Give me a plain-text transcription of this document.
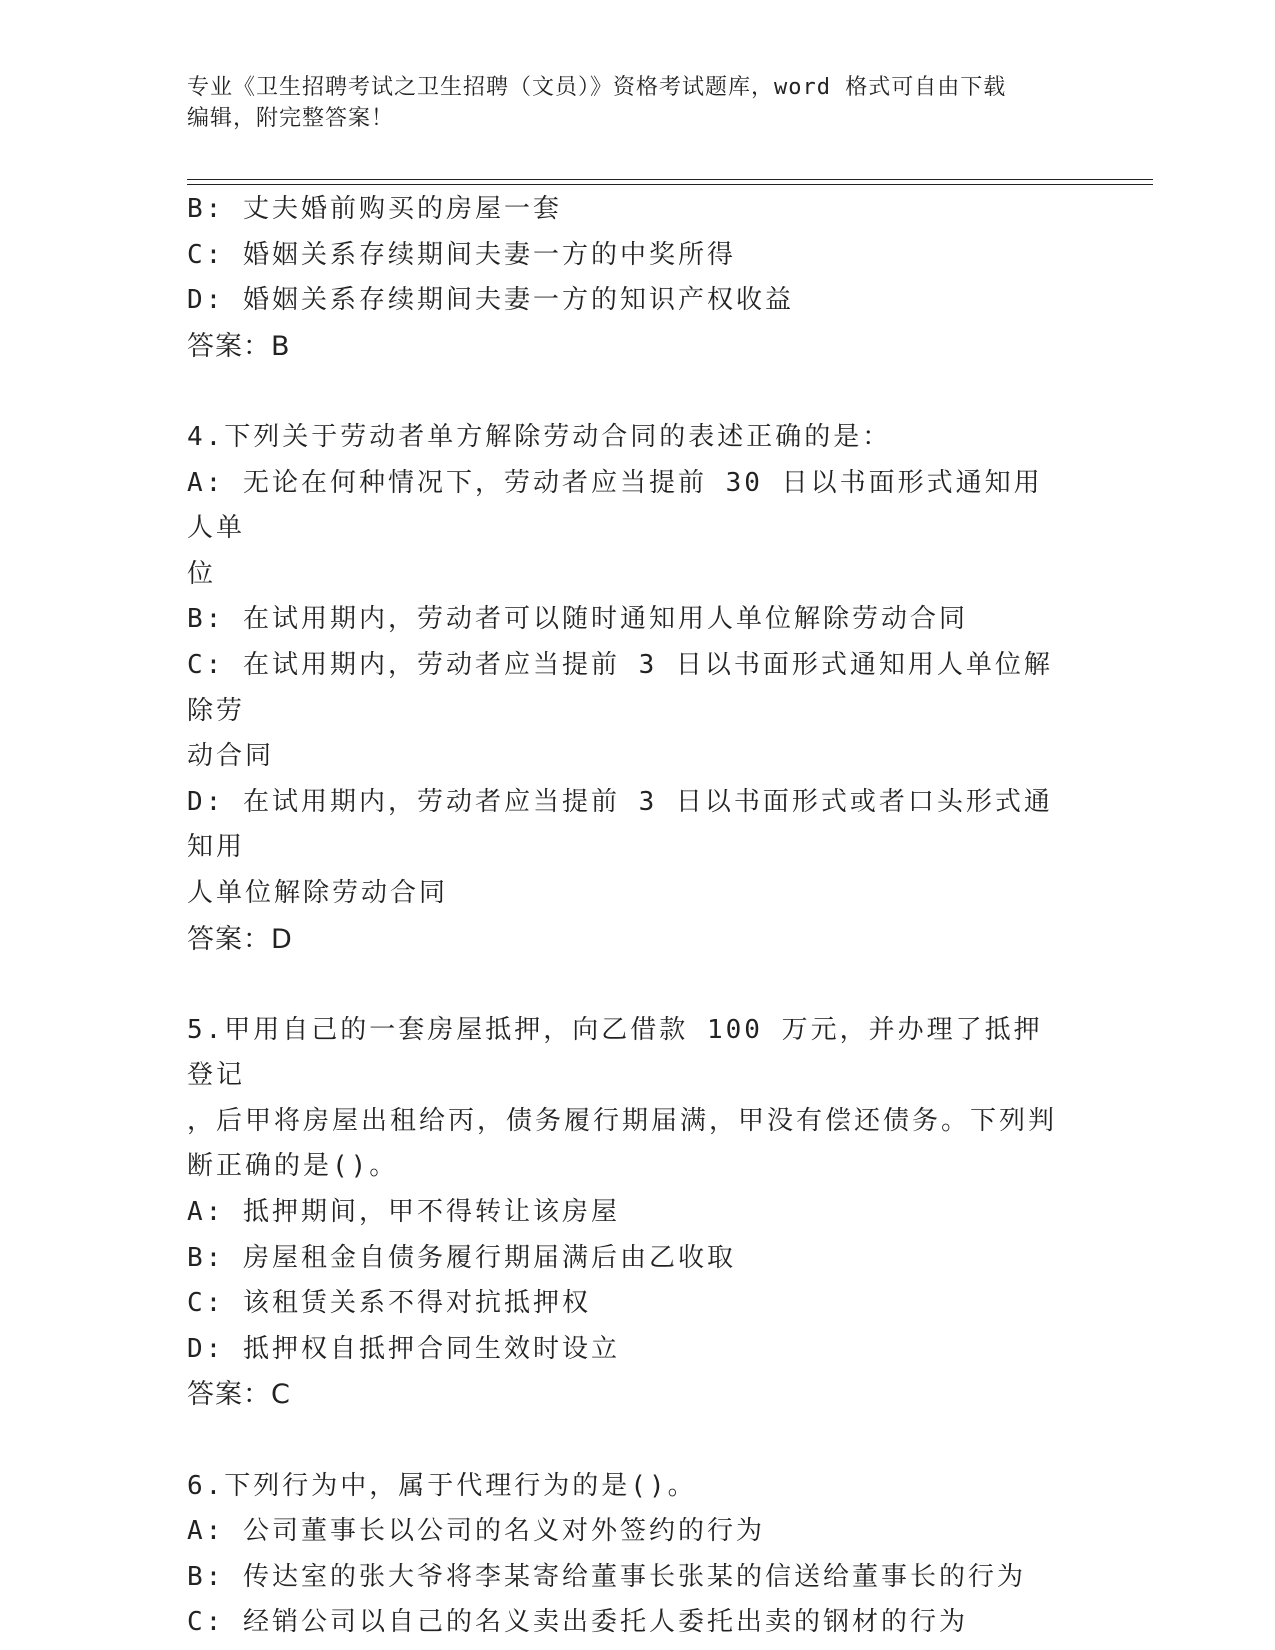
专业《卫生招聘考试之卫生招聘（文员）》资格考试题库，word 格式可自由下载
编辑，附完整答案！
B: 丈夫婚前购买的房屋一套
C: 婚姻关系存续期间夫妻一方的中奖所得
D: 婚姻关系存续期间夫妻一方的知识产权收益
答案：B
4.下列关于劳动者单方解除劳动合同的表述正确的是：
A: 无论在何种情况下，劳动者应当提前 30 日以书面形式通知用人单
位
B: 在试用期内，劳动者可以随时通知用人单位解除劳动合同
C: 在试用期内，劳动者应当提前 3 日以书面形式通知用人单位解除劳
动合同
D: 在试用期内，劳动者应当提前 3 日以书面形式或者口头形式通知用
人单位解除劳动合同
答案：D
5.甲用自己的一套房屋抵押，向乙借款 100 万元，并办理了抵押登记
，后甲将房屋出租给丙，债务履行期届满，甲没有偿还债务。下列判
断正确的是()。
A: 抵押期间，甲不得转让该房屋
B: 房屋租金自债务履行期届满后由乙收取
C: 该租赁关系不得对抗抵押权
D: 抵押权自抵押合同生效时设立
答案：C
6.下列行为中，属于代理行为的是()。
A: 公司董事长以公司的名义对外签约的行为
B: 传达室的张大爷将李某寄给董事长张某的信送给董事长的行为
C: 经销公司以自己的名义卖出委托人委托出卖的钢材的行为
